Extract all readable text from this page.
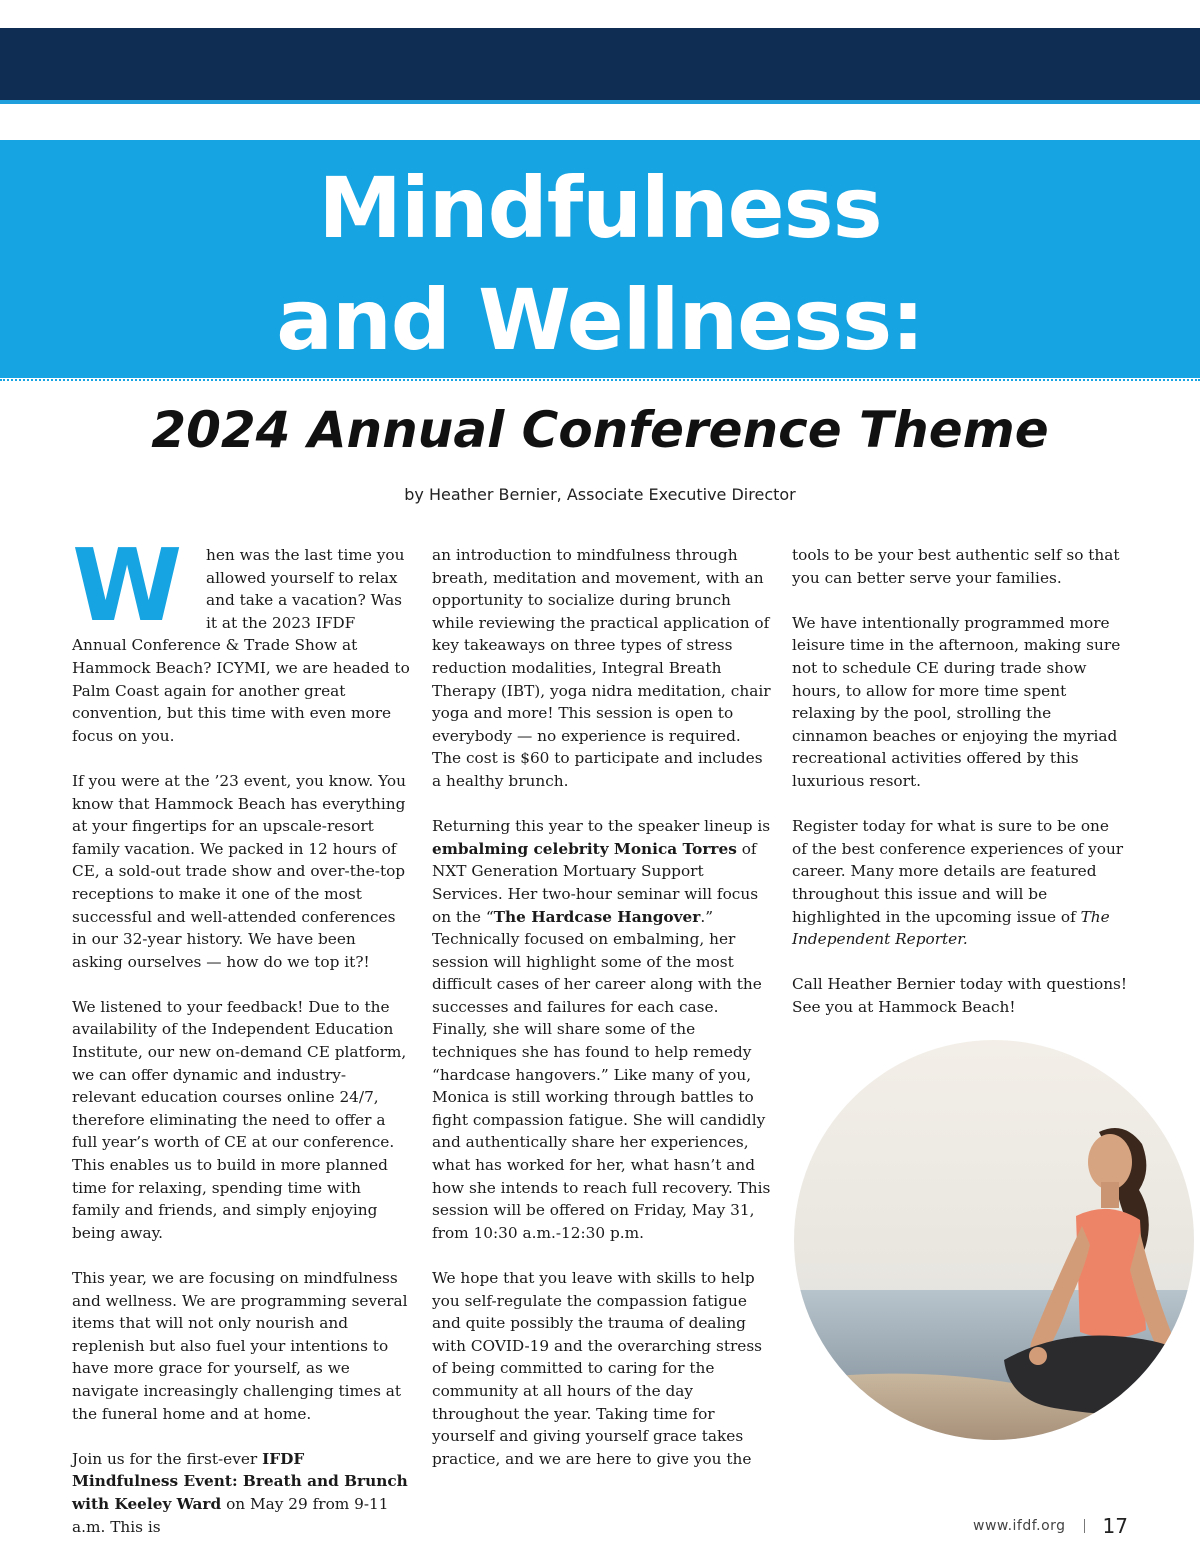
Mindfulness
and Wellness:
2024 Annual Conference Theme
by Heather Bernier, Associate Executive Director

W	hen was the last time you allowed yourself to relax and take a vacation? Was it at the 2023 IFDF Annual Conference & Trade Show at Hammock Beach? ICYMI, we are headed to Palm Coast again for another great convention, but this time with even more focus on you.

If you were at the ’23 event, you know. You know that Hammock Beach has everything at your fingertips for an upscale-resort family vacation. We packed in 12 hours of CE, a sold-out trade show and over-the-top receptions to make it one of the most successful and well-attended conferences in our 32-year history. We have been asking ourselves — how do we top it?!

We listened to your feedback! Due to the availability of the Independent Education Institute, our new on-demand CE platform, we can offer dynamic and industry-relevant education courses online 24/7, therefore eliminating the need to offer a full year’s worth of CE at our conference. This enables us to build in more planned time for relaxing, spending time with family and friends, and simply enjoying being away.

This year, we are focusing on mindfulness and wellness. We are programming several items that will not only nourish and replenish but also fuel your intentions to have more grace for yourself, as we navigate increasingly challenging times at the funeral home and at home.

Join us for the first-ever IFDF Mindfulness Event: Breath and Brunch with Keeley Ward on May 29 from 9-11 a.m. This is

an introduction to mindfulness through breath, meditation and movement, with an opportunity to socialize during brunch while reviewing the practical application of key takeaways on three types of stress reduction modalities, Integral Breath Therapy (IBT), yoga nidra meditation, chair yoga and more! This session is open to everybody — no experience is required. The cost is $60 to participate and includes a healthy brunch.

Returning this year to the speaker lineup is embalming celebrity Monica Torres of NXT Generation Mortuary Support Services. Her two-hour seminar will focus on the “The Hardcase Hangover.” Technically focused on embalming, her session will highlight some of the most difficult cases of her career along with the successes and failures for each case. Finally, she will share some of the techniques she has found to help remedy “hardcase hangovers.” Like many of you, Monica is still working through battles to fight compassion fatigue. She will candidly and authentically share her experiences, what has worked for her, what hasn’t and how she intends to reach full recovery. This session will be offered on Friday, May 31, from 10:30 a.m.-12:30 p.m.

We hope that you leave with skills to help you self-regulate the compassion fatigue and quite possibly the trauma of dealing with COVID-19 and the overarching stress of being committed to caring for the community at all hours of the day throughout the year. Taking time for yourself and giving yourself grace takes practice, and we are here to give you the

tools to be your best authentic self so that you can better serve your families.

We have intentionally programmed more leisure time in the afternoon, making sure not to schedule CE during trade show hours, to allow for more time spent relaxing by the pool, strolling the cinnamon beaches or enjoying the myriad recreational activities offered by this luxurious resort.

Register today for what is sure to be one of the best conference experiences of your career. Many more details are featured throughout this issue and will be highlighted in the upcoming issue of The Independent Reporter.

Call Heather Bernier today with questions! See you at Hammock Beach!

www.ifdf.org 17
